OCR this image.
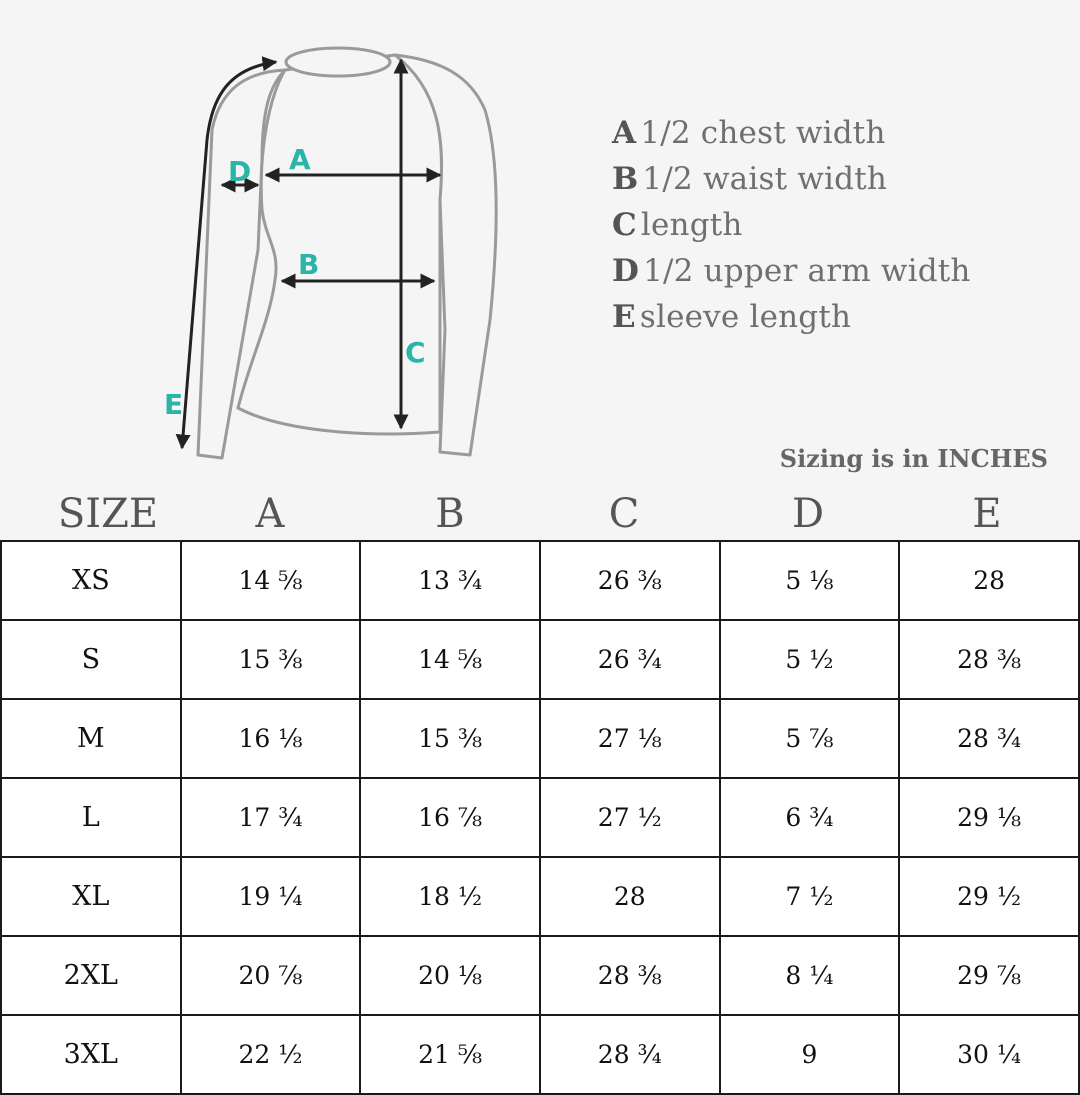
A
D
B
C
E
A 1/2 chest width
B 1/2 waist width
C length
D 1/2 upper arm width
E sleeve length
Sizing is in INCHES
SIZE	A	B	C	D	E
XS	14 ⅝	13 ¾	26 ⅜	5 ⅛	28
S	15 ⅜	14 ⅝	26 ¾	5 ½	28 ⅜
M	16 ⅛	15 ⅜	27 ⅛	5 ⅞	28 ¾
L	17 ¾	16 ⅞	27 ½	6 ¾	29 ⅛
XL	19 ¼	18 ½	28	7 ½	29 ½
2XL	20 ⅞	20 ⅛	28 ⅜	8 ¼	29 ⅞
3XL	22 ½	21 ⅝	28 ¾	9	30 ¼
